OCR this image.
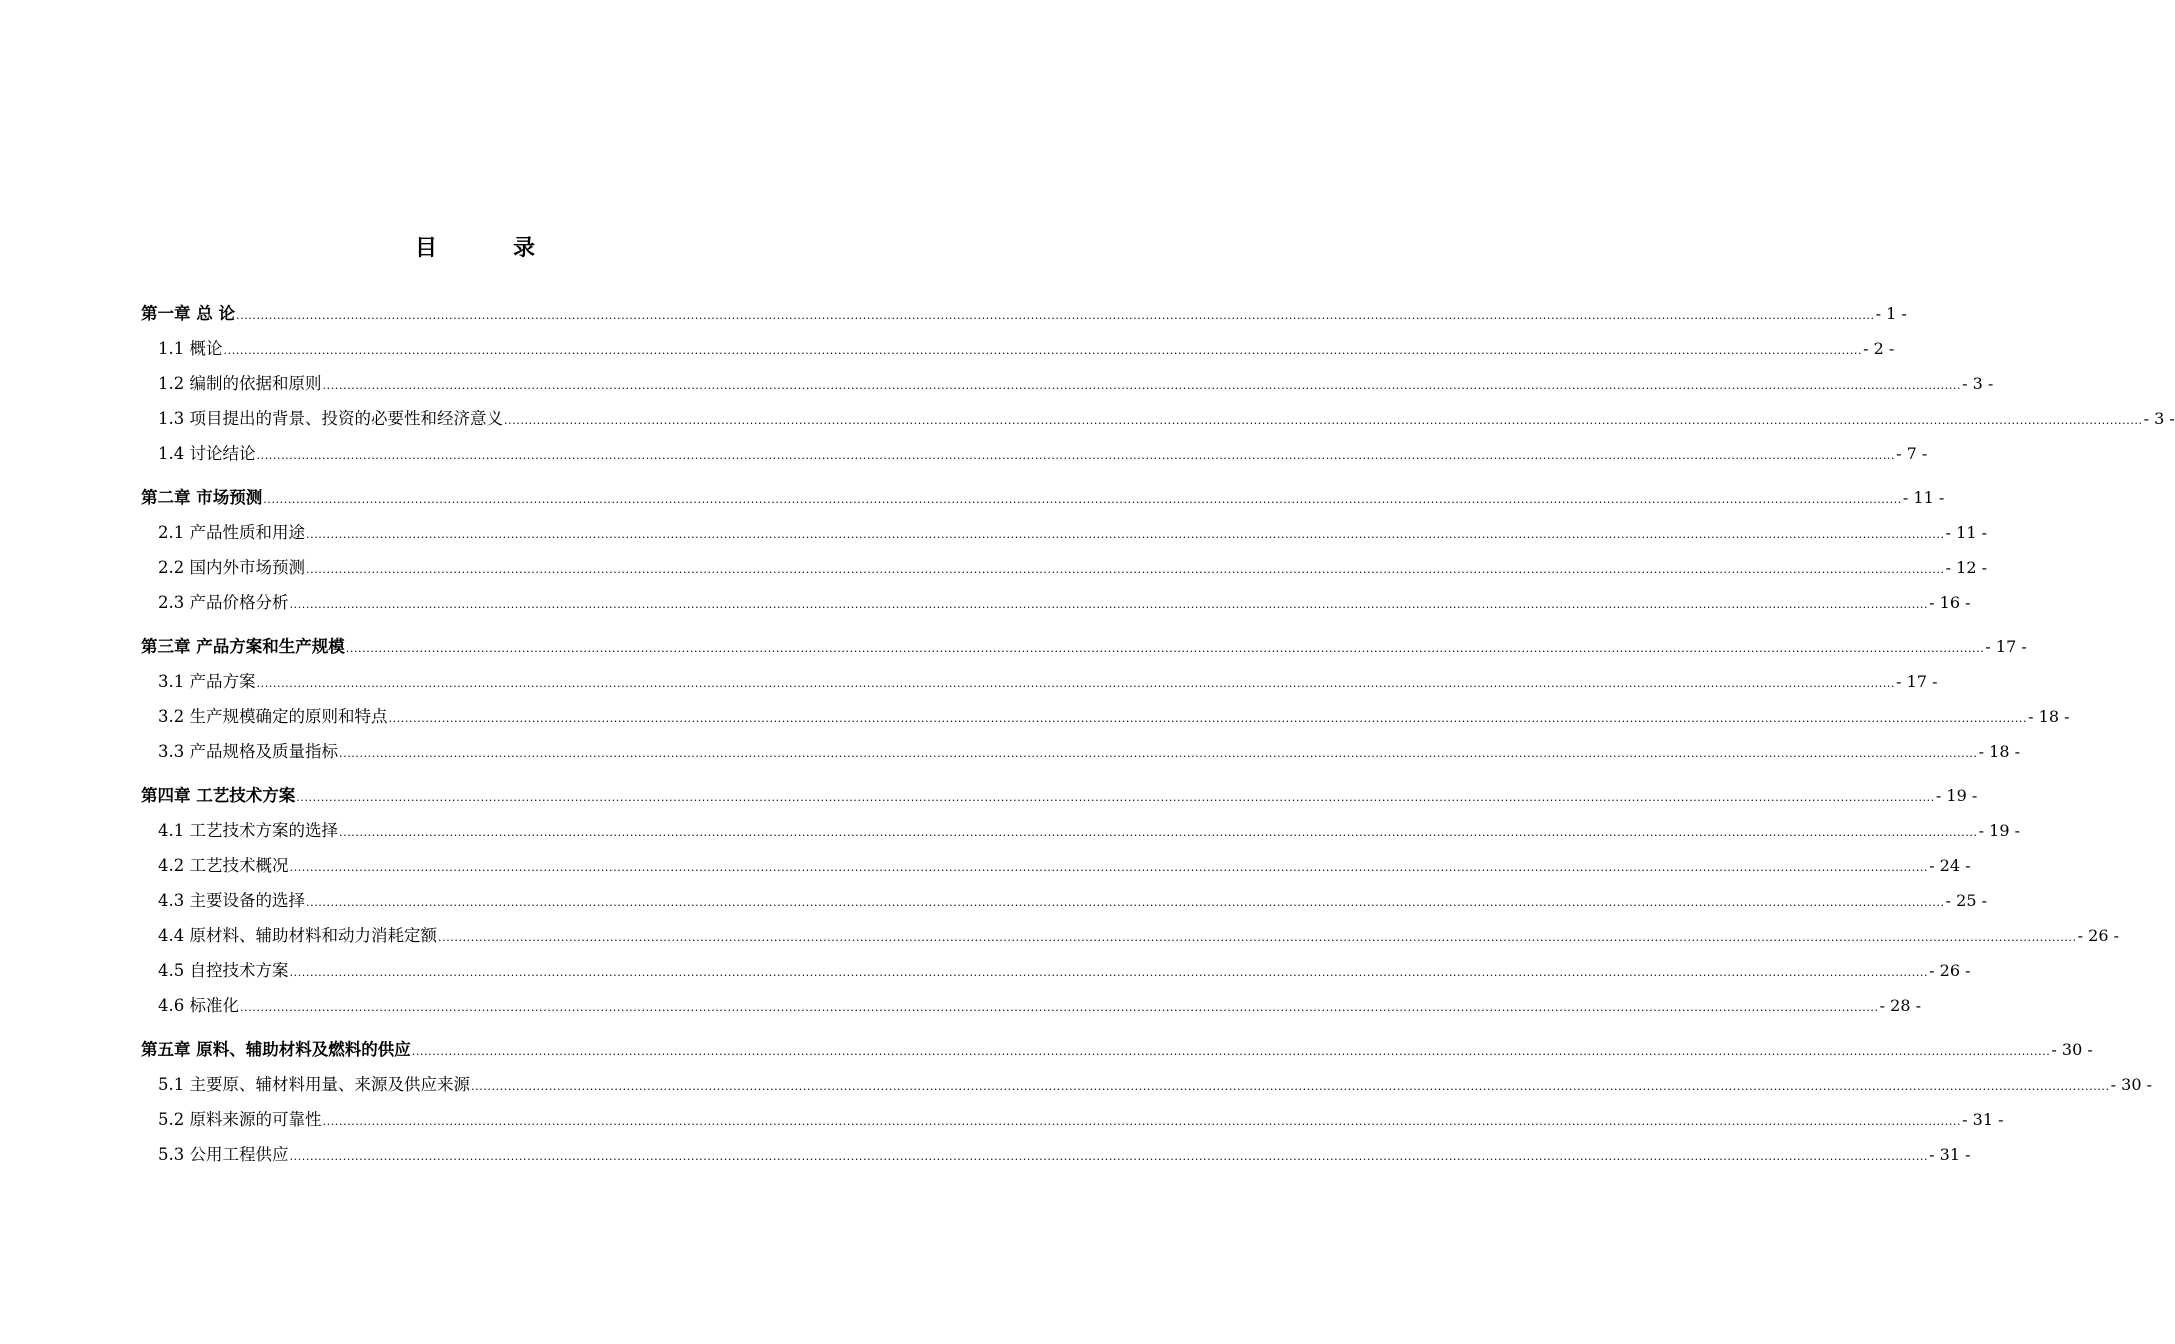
目	录
第一章 总 论 ................................................................................................................................................................................................................................................................................................................................................................................................................ - 1 -
1.1 概论 ................................................................................................................................................................................................................................................................................................................................................................................................................ - 2 -
1.2 编制的依据和原则 ................................................................................................................................................................................................................................................................................................................................................................................................................ - 3 -
1.3 项目提出的背景、投资的必要性和经济意义 ................................................................................................................................................................................................................................................................................................................................................................................................................ - 3 -
1.4 讨论结论 ................................................................................................................................................................................................................................................................................................................................................................................................................ - 7 -
第二章 市场预测 ................................................................................................................................................................................................................................................................................................................................................................................................................ - 11 -
2.1 产品性质和用途 ................................................................................................................................................................................................................................................................................................................................................................................................................ - 11 -
2.2 国内外市场预测 ................................................................................................................................................................................................................................................................................................................................................................................................................ - 12 -
2.3 产品价格分析 ................................................................................................................................................................................................................................................................................................................................................................................................................ - 16 -
第三章 产品方案和生产规模 ................................................................................................................................................................................................................................................................................................................................................................................................................ - 17 -
3.1 产品方案 ................................................................................................................................................................................................................................................................................................................................................................................................................ - 17 -
3.2 生产规模确定的原则和特点 ................................................................................................................................................................................................................................................................................................................................................................................................................ - 18 -
3.3 产品规格及质量指标 ................................................................................................................................................................................................................................................................................................................................................................................................................ - 18 -
第四章 工艺技术方案 ................................................................................................................................................................................................................................................................................................................................................................................................................ - 19 -
4.1 工艺技术方案的选择 ................................................................................................................................................................................................................................................................................................................................................................................................................ - 19 -
4.2 工艺技术概况 ................................................................................................................................................................................................................................................................................................................................................................................................................ - 24 -
4.3 主要设备的选择 ................................................................................................................................................................................................................................................................................................................................................................................................................ - 25 -
4.4 原材料、辅助材料和动力消耗定额 ................................................................................................................................................................................................................................................................................................................................................................................................................ - 26 -
4.5 自控技术方案 ................................................................................................................................................................................................................................................................................................................................................................................................................ - 26 -
4.6 标准化 ................................................................................................................................................................................................................................................................................................................................................................................................................ - 28 -
第五章 原料、辅助材料及燃料的供应 ................................................................................................................................................................................................................................................................................................................................................................................................................ - 30 -
5.1 主要原、辅材料用量、来源及供应来源 ................................................................................................................................................................................................................................................................................................................................................................................................................ - 30 -
5.2 原料来源的可靠性 ................................................................................................................................................................................................................................................................................................................................................................................................................ - 31 -
5.3 公用工程供应 ................................................................................................................................................................................................................................................................................................................................................................................................................ - 31 -
